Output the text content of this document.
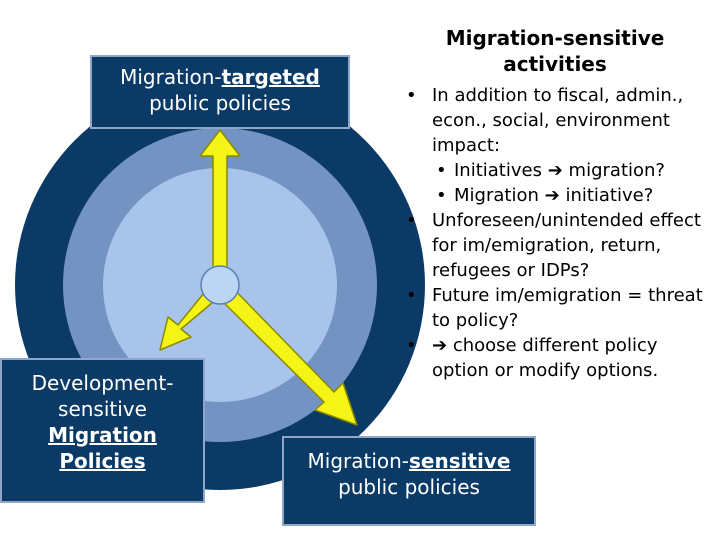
Migration-targeted
public policies
Development-
sensitive
Migration
Policies	Migration-sensitive
public policies
Migration-sensitive
activities
• In addition to fiscal, admin., econ., social, environment impact:
• Initiatives ➔ migration?
• Migration ➔ initiative?
• Unforeseen/unintended effect for im/emigration, return, refugees or IDPs?
• Future im/emigration = threat to policy?
• ➔ choose different policy option or modify options.
